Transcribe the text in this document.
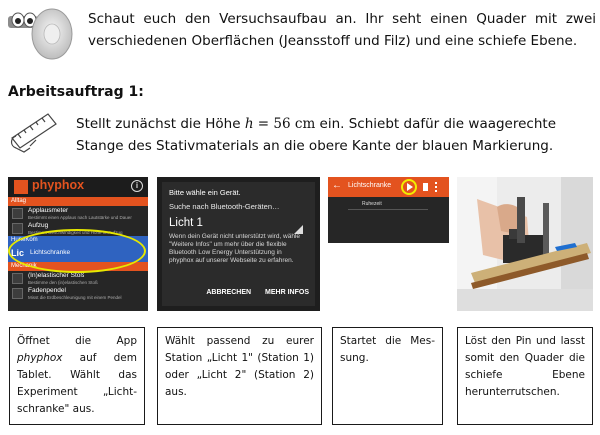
Schaut euch den Versuchsaufbau an. Ihr seht einen Quader mit zwei verschiedenen Oberflächen (Jeansstoff und Filz) und eine schiefe Ebene.
Arbeitsauftrag 1:
Stellt zunächst die Höhe h = 56 cm ein. Schiebt dafür die waagerechte Stange des Stativmaterials an die obere Kante der blauen Markierung.
phyphox	i
Alltag
Applausmeter
Bestimmt einen Applaus nach Lautstärke und Dauer
Aufzug
Bestimmt Geschwindigkeit und Höhe im Aufzug
HuneKom
Lic Lichtschranke
Mechanik
(In)elastischer Stoß
Bestimme den (in)elastischen Stoß
Fadenpendel
Misst die Erdbeschleunigung mit einem Pendel
Bitte wähle ein Gerät.
Suche nach Bluetooth-Geräten…
Licht 1
Wenn dein Gerät nicht unterstützt wird, wähle "Weitere Infos" um mehr über die flexible Bluetooth Low Energy Unterstützung in phyphox auf unserer Webseite zu erfahren.
ABBRECHEN MEHR INFOS
← Lichtschranke
Ruhezeit
Öffnet die App phyphox auf dem Tablet. Wählt das Experiment „Licht-schranke" aus.
Wählt passend zu eurer Station „Licht 1" (Station 1) oder „Licht 2" (Station 2) aus.
Startet die Mes-sung.
Löst den Pin und lasst somit den Quader die schiefe Ebene herunterrutschen.
